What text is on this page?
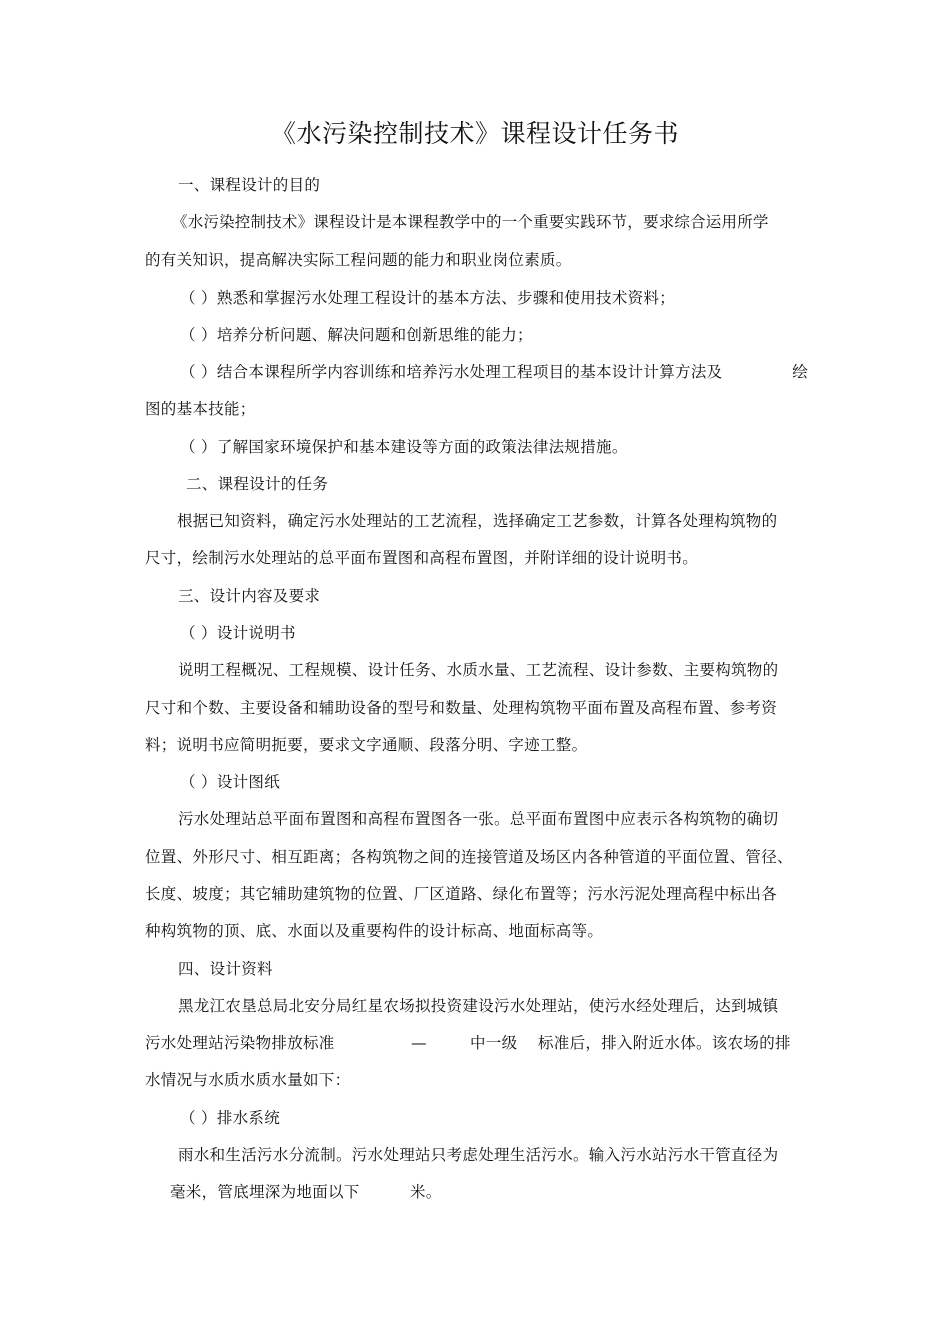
《水污染控制技术》课程设计任务书
一、课程设计的目的
《水污染控制技术》课程设计是本课程教学中的一个重要实践环节，要求综合运用所学
的有关知识，提高解决实际工程问题的能力和职业岗位素质。
（ ）熟悉和掌握污水处理工程设计的基本方法、步骤和使用技术资料；
（ ）培养分析问题、解决问题和创新思维的能力；
（ ）结合本课程所学内容训练和培养污水处理工程项目的基本设计计算方法及	绘
图的基本技能；
（ ）了解国家环境保护和基本建设等方面的政策法律法规措施。
二、课程设计的任务
根据已知资料，确定污水处理站的工艺流程，选择确定工艺参数，计算各处理构筑物的
尺寸，绘制污水处理站的总平面布置图和高程布置图，并附详细的设计说明书。
三、设计内容及要求
（ ）设计说明书
说明工程概况、工程规模、设计任务、水质水量、工艺流程、设计参数、主要构筑物的
尺寸和个数、主要设备和辅助设备的型号和数量、处理构筑物平面布置及高程布置、参考资
料；说明书应简明扼要，要求文字通顺、段落分明、字迹工整。
（ ）设计图纸
污水处理站总平面布置图和高程布置图各一张。总平面布置图中应表示各构筑物的确切
位置、外形尺寸、相互距离；各构筑物之间的连接管道及场区内各种管道的平面位置、管径、
长度、坡度；其它辅助建筑物的位置、厂区道路、绿化布置等；污水污泥处理高程中标出各
种构筑物的顶、底、水面以及重要构件的设计标高、地面标高等。
四、设计资料
黑龙江农垦总局北安分局红星农场拟投资建设污水处理站，使污水经处理后，达到城镇
污水处理站污染物排放标准	—	中一级 标准后，排入附近水体。该农场的排
水情况与水质水质水量如下：
（ ）排水系统
雨水和生活污水分流制。污水处理站只考虑处理生活污水。输入污水站污水干管直径为
毫米，管底埋深为地面以下	米。
